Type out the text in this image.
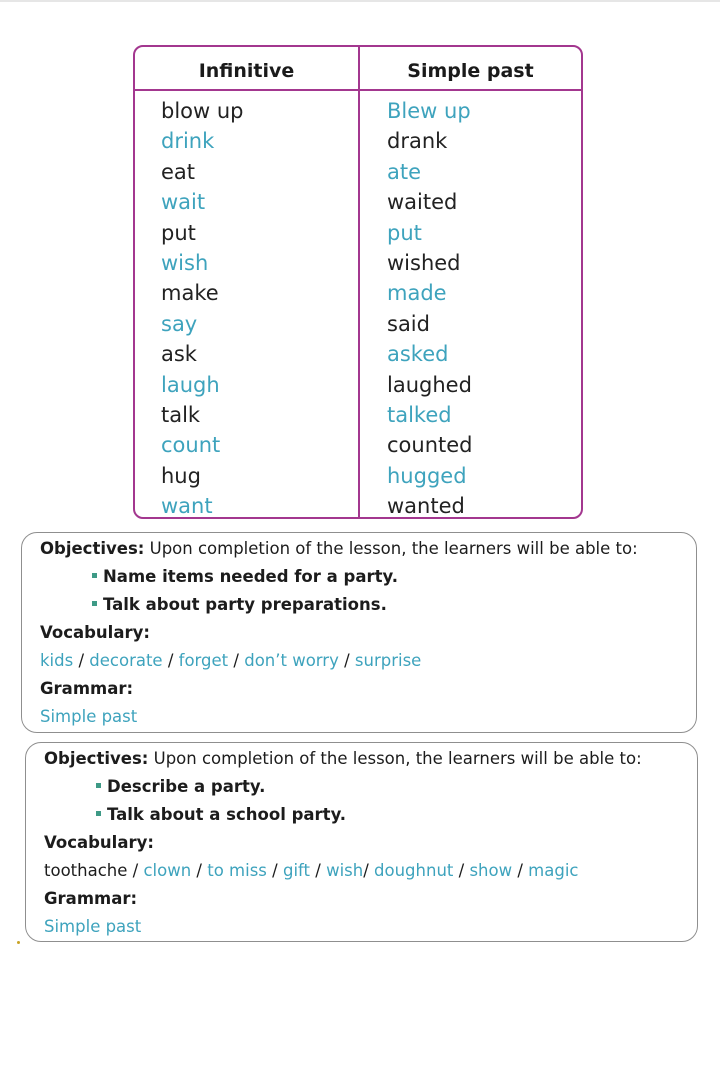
Infinitive	Simple past
blow up
drink
eat
wait
put
wish
make
say
ask
laugh
talk
count
hug
want
Blew up
drank
ate
waited
put
wished
made
said
asked
laughed
talked
counted
hugged
wanted
Objectives: Upon completion of the lesson, the learners will be able to:
Name items needed for a party.
Talk about party preparations.
Vocabulary:
kids / decorate / forget / don’t worry / surprise
Grammar:
Simple past
Objectives: Upon completion of the lesson, the learners will be able to:
Describe a party.
Talk about a school party.
Vocabulary:
toothache / clown / to miss / gift / wish/ doughnut / show / magic
Grammar:
Simple past
